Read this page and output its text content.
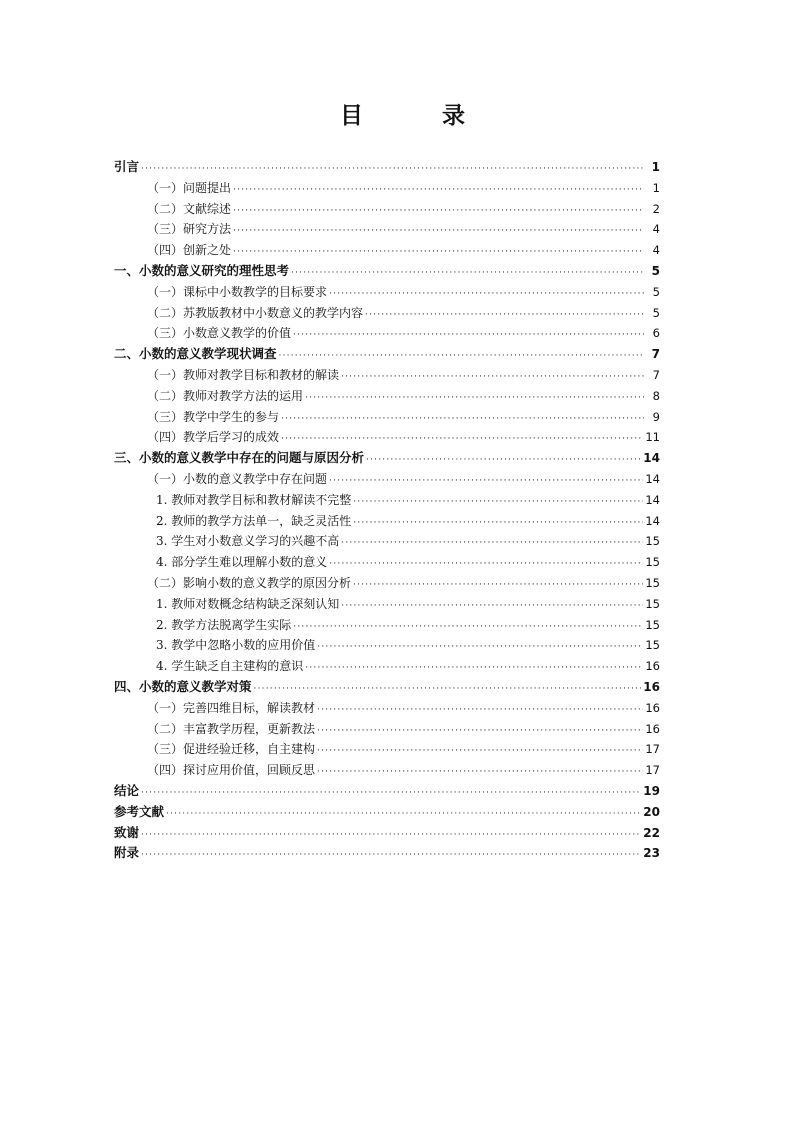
目　录
引言 ·····	1
（一）问题提出 ·····	1
（二）文献综述 ·····	2
（三）研究方法 ·····	4
（四）创新之处 ·····	4
一、小数的意义研究的理性思考 ·····	5
（一）课标中小数教学的目标要求 ·····	5
（二）苏教版教材中小数意义的教学内容 ·····	5
（三）小数意义教学的价值 ·····	6
二、小数的意义教学现状调查 ·····	7
（一）教师对教学目标和教材的解读 ·····	7
（二）教师对教学方法的运用 ·····	8
（三）教学中学生的参与 ·····	9
（四）教学后学习的成效 ·····	11
三、小数的意义教学中存在的问题与原因分析 ·····	14
（一）小数的意义教学中存在问题 ·····	14
1. 教师对教学目标和教材解读不完整 ·····	14
2. 教师的教学方法单一，缺乏灵活性 ·····	14
3. 学生对小数意义学习的兴趣不高 ·····	15
4. 部分学生难以理解小数的意义 ·····	15
（二）影响小数的意义教学的原因分析 ·····	15
1. 教师对数概念结构缺乏深刻认知 ·····	15
2. 教学方法脱离学生实际 ·····	15
3. 教学中忽略小数的应用价值 ·····	15
4. 学生缺乏自主建构的意识 ·····	16
四、小数的意义教学对策 ·····	16
（一）完善四维目标，解读教材 ·····	16
（二）丰富教学历程，更新教法 ·····	16
（三）促进经验迁移，自主建构 ·····	17
（四）探讨应用价值，回顾反思 ·····	17
结论 ·····	19
参考文献 ·····	20
致谢 ·····	22
附录 ·····	23
